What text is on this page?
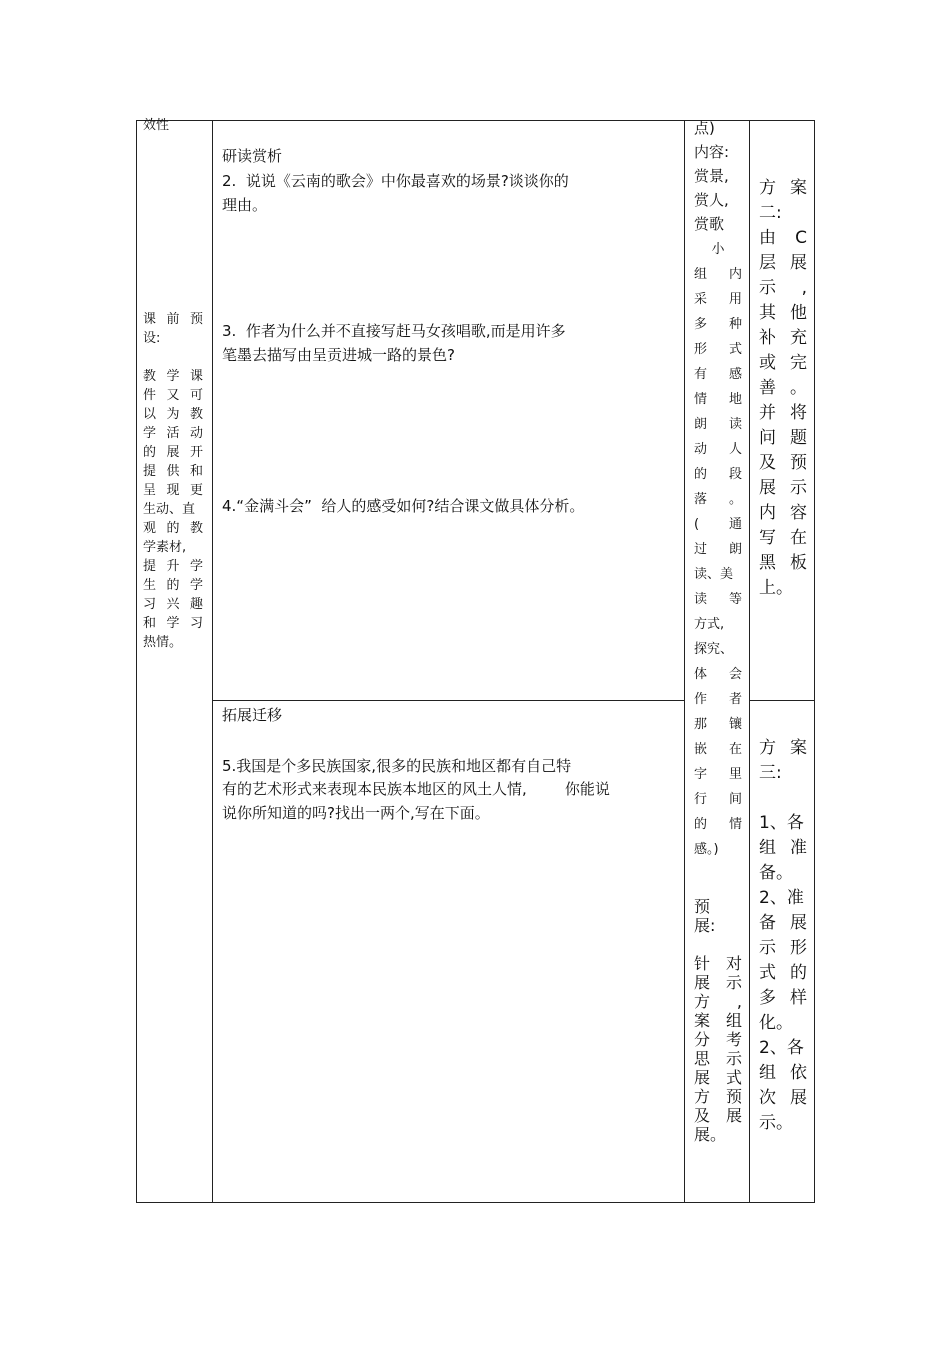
效性

课 前 预

设:

教 学 课

件 又 可

以 为 教

学 活 动

的 展 开

提 供 和

呈 现 更

生动、直

观 的 教

学素材,

提 升 学

生 的 学

习 兴 趣

和 学 习

热情。

研读赏析
2.  说说《云南的歌会》中你最喜欢的场景?谈谈你的
理由。
3.  作者为什么并不直接写赶马女孩唱歌,而是用许多
笔墨去描写由呈贡进城一路的景色?
4.“金满斗会”  给人的感受如何?结合课文做具体分析。
拓展迁移
5.我国是个多民族国家,很多的民族和地区都有自己特
有的艺术形式来表现本民族本地区的风土人情,        你能说
说你所知道的吗?找出一两个,写在下面。
点)
内容:
赏景,
赏人,
赏歌
小
组 内
采 用
多 种
形 式
有 感
情 地
朗 读
动 人
的 段
落 。
( 通
过 朗
读、美
读 等
方式,
探究、
体 会
作 者
那 镶
嵌 在
字 里
行 间
的 情
感。)
预
展:

针 对
展 示
方 ,
案 组
分 考
思 示
展 式
方 预
及 展
展。

方 案

二:

由 C

层 展

示 ,

其 他

补 充

或 完

善 。

并 将

问 题

及 预

展 示

内 容

写 在

黑 板

上。

方 案

三:

1、各

组 准

备。

2、准

备 展

示 形

式 的

多 样

化。

2、各

组 依

次 展

示。
